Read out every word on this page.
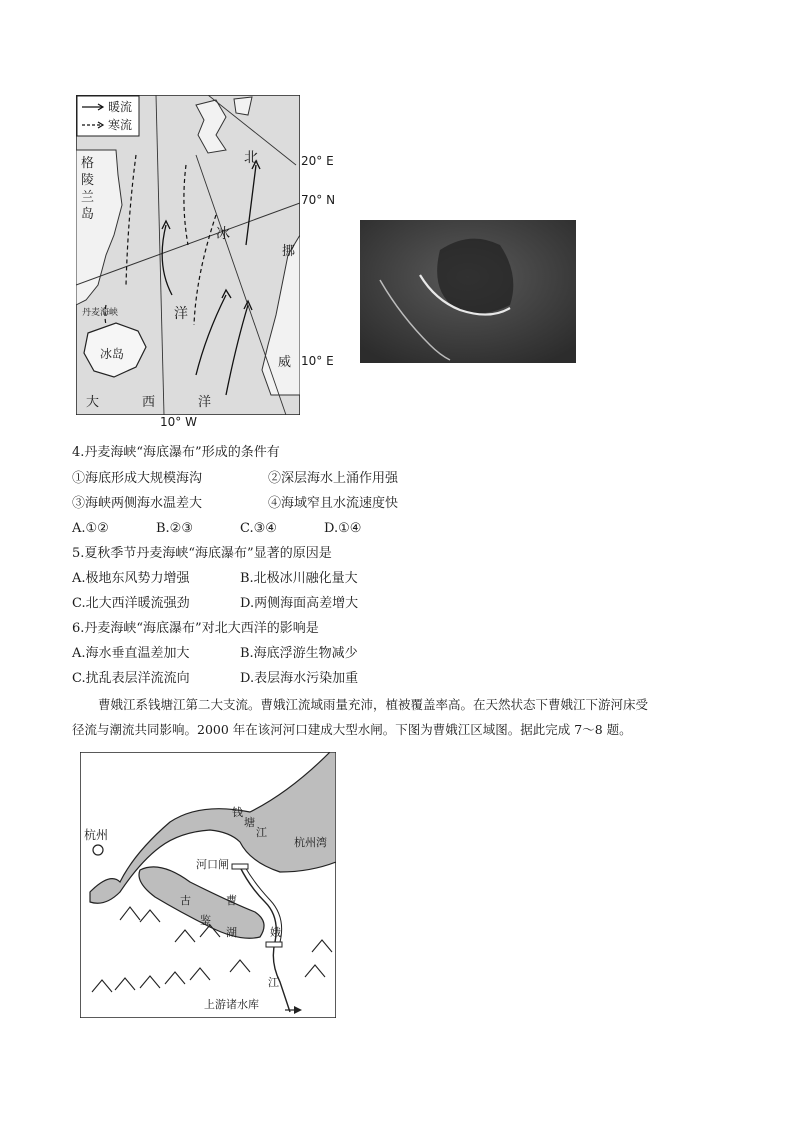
暖流
寒流
格
陵
兰
岛
北
冰
洋
丹麦海峡
冰岛
挪
威
大	西	洋
20° E
70° N
10° E
10° W
4.丹麦海峡“海底瀑布”形成的条件有
①海底形成大规模海沟	②深层海水上涌作用强
③海峡两侧海水温差大	④海域窄且水流速度快
A.①②	B.②③	C.③④	D.①④
5.夏秋季节丹麦海峡“海底瀑布”显著的原因是
A.极地东风势力增强	B.北极冰川融化量大
C.北大西洋暖流强劲	D.两侧海面高差增大
6.丹麦海峡“海底瀑布”对北大西洋的影响是
A.海水垂直温差加大	B.海底浮游生物减少
C.扰乱表层洋流流向	D.表层海水污染加重
曹娥江系钱塘江第二大支流。曹娥江流域雨量充沛，植被覆盖率高。在天然状态下曹娥江下游河床受
径流与潮流共同影响。2000 年在该河河口建成大型水闸。下图为曹娥江区域图。据此完成 7～8 题。
杭州
钱
塘
江
杭州湾
河口闸
古
鉴
湖
曹
娥
江
上游诸水库
